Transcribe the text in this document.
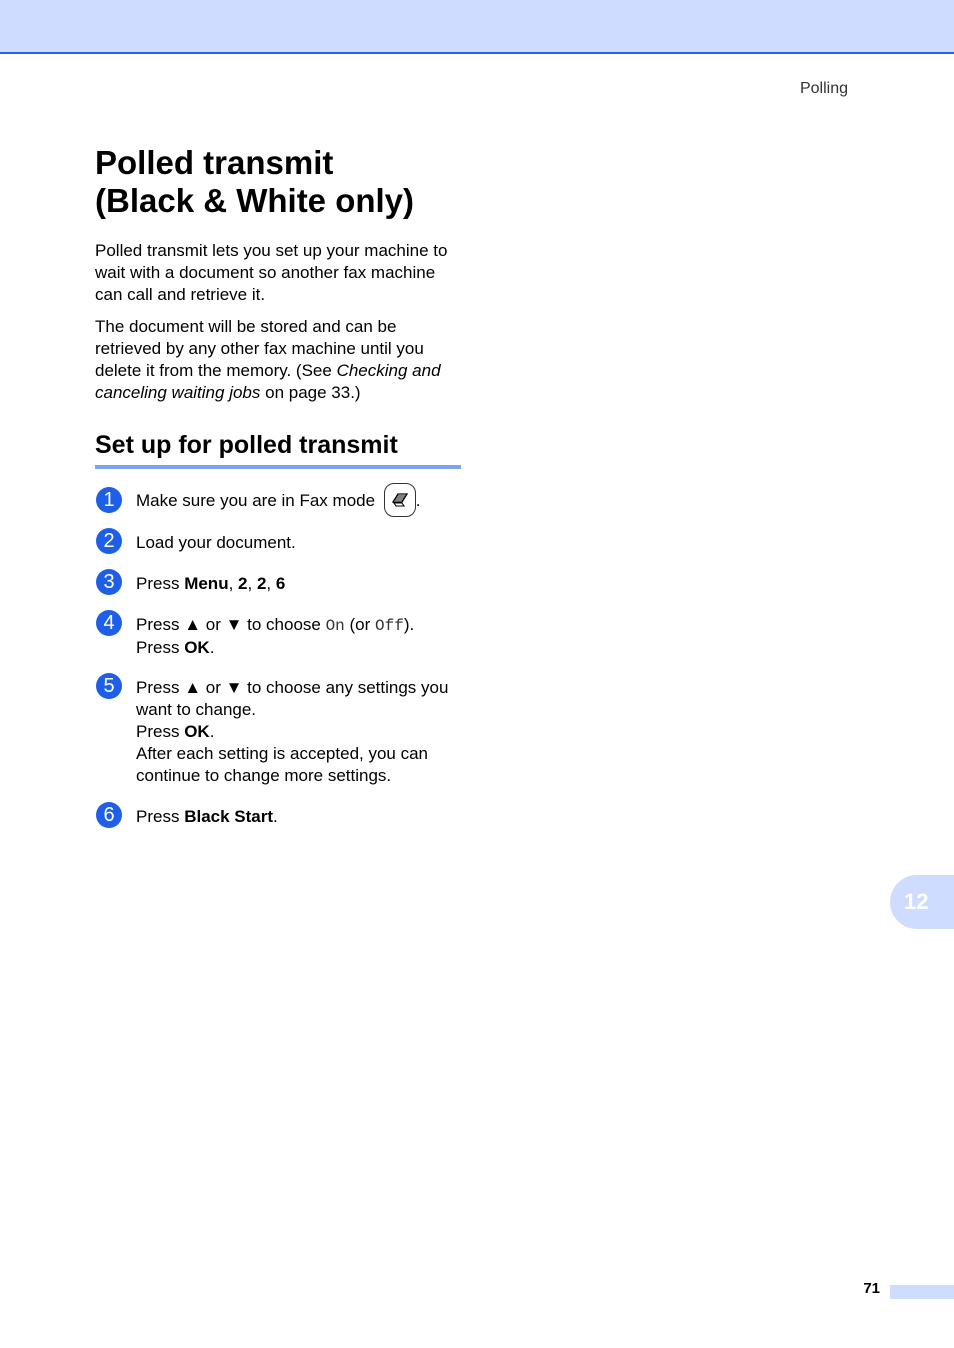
Polling
Polled transmit
(Black & White only)

Polled transmit lets you set up your machine to wait with a document so another fax machine can call and retrieve it.

The document will be stored and can be retrieved by any other fax machine until you delete it from the memory. (See Checking and canceling waiting jobs on page 33.)

Set up for polled transmit
1	Make sure you are in Fax mode .

2	Load your document.

3	Press Menu, 2, 2, 6

4	Press ▲ or ▼ to choose On (or Off).
Press OK.

5	Press ▲ or ▼ to choose any settings you want to change.
Press OK.
After each setting is accepted, you can continue to change more settings.

6	Press Black Start.

12
71
